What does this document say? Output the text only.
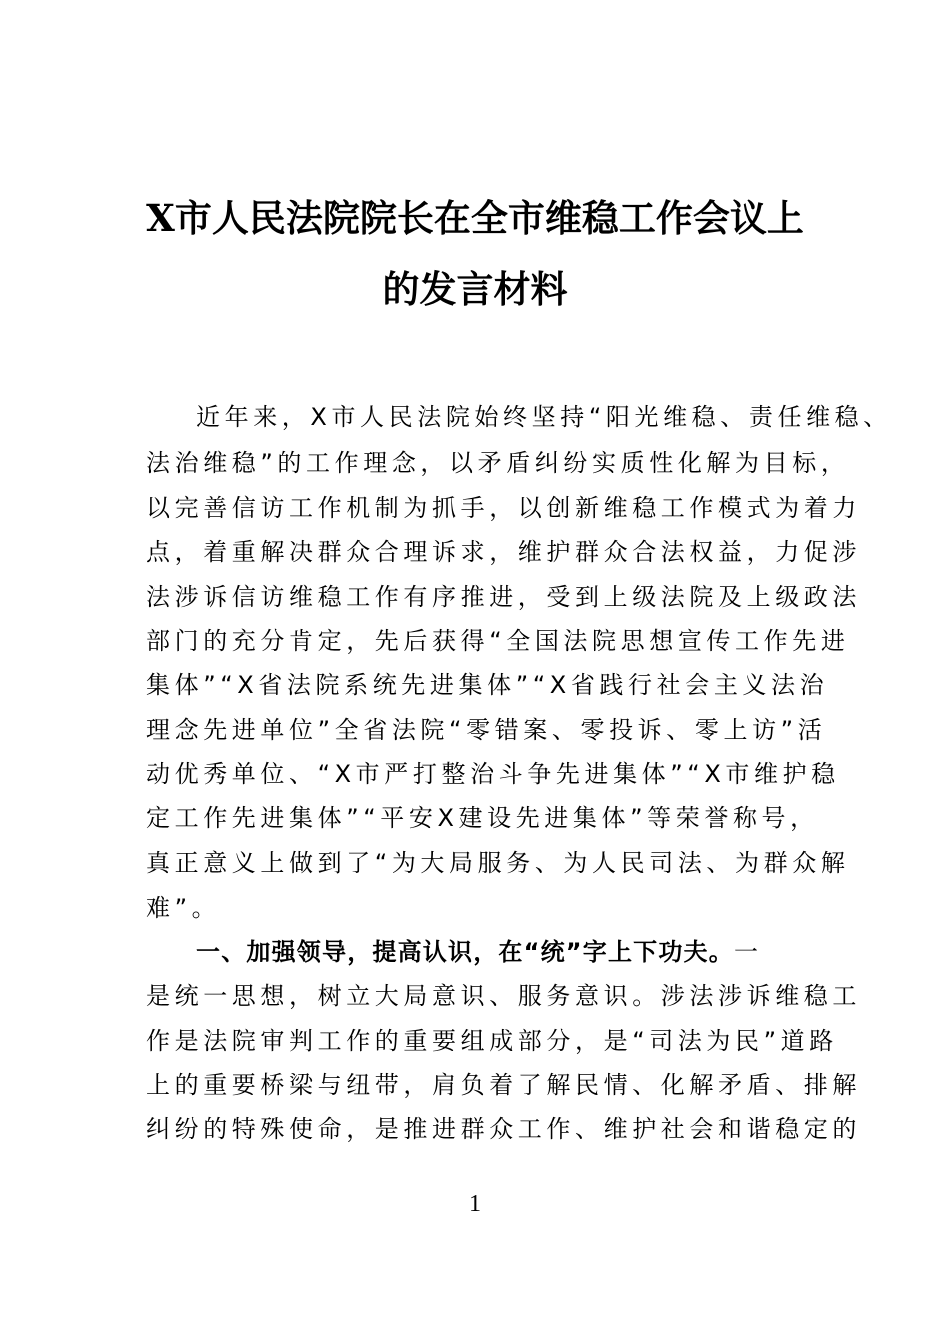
X市人民法院院长在全市维稳工作会议上
的发言材料
近年来，X市人民法院始终坚持“阳光维稳、责任维稳、
法治维稳”的工作理念，以矛盾纠纷实质性化解为目标，
以完善信访工作机制为抓手，以创新维稳工作模式为着力
点，着重解决群众合理诉求，维护群众合法权益，力促涉
法涉诉信访维稳工作有序推进，受到上级法院及上级政法
部门的充分肯定，先后获得“全国法院思想宣传工作先进
集体”“X省法院系统先进集体”“X省践行社会主义法治
理念先进单位”全省法院“零错案、零投诉、零上访”活
动优秀单位、“X市严打整治斗争先进集体”“X市维护稳
定工作先进集体”“平安X建设先进集体”等荣誉称号，
真正意义上做到了“为大局服务、为人民司法、为群众解
难”。
一、加强领导，提高认识，在“统”字上下功夫。一
是统一思想，树立大局意识、服务意识。涉法涉诉维稳工
作是法院审判工作的重要组成部分，是“司法为民”道路
上的重要桥梁与纽带，肩负着了解民情、化解矛盾、排解
纠纷的特殊使命，是推进群众工作、维护社会和谐稳定的
1
